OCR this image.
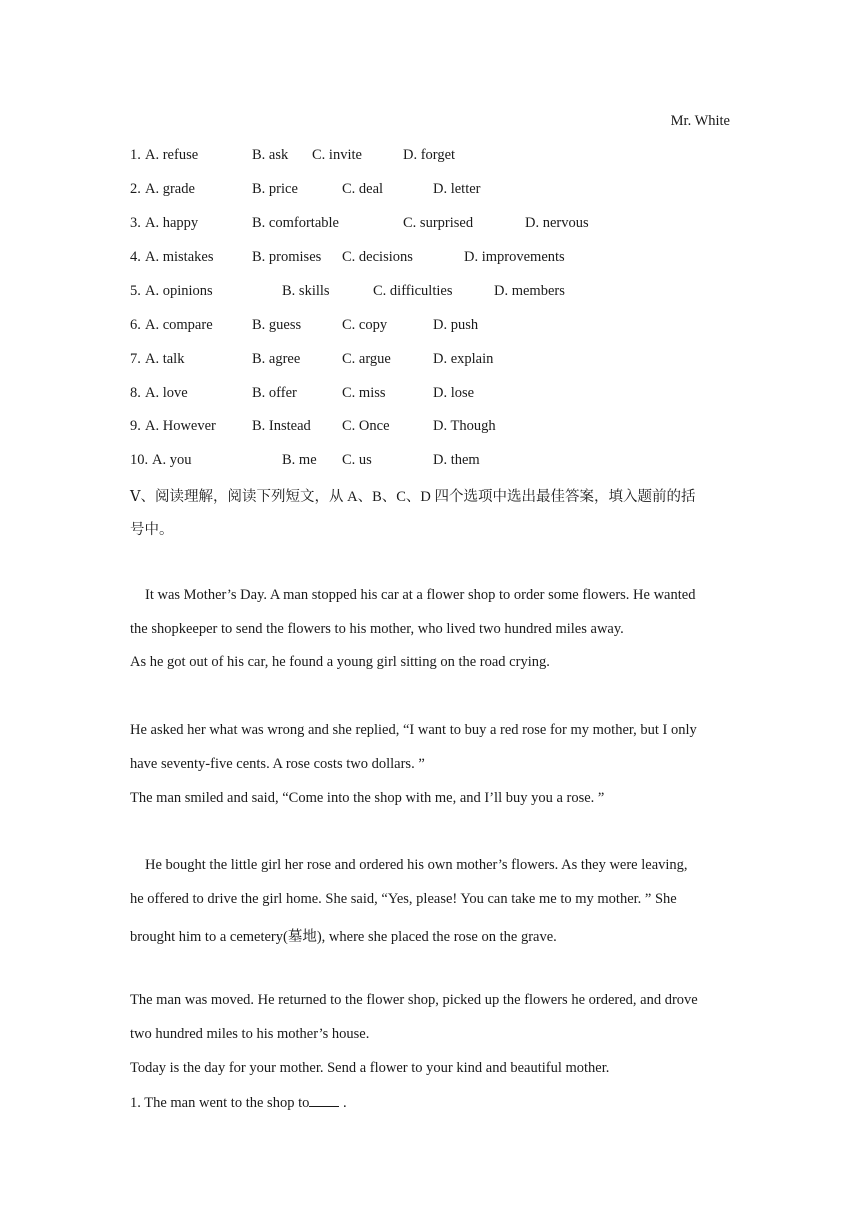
Mr. White
1. A. refuse	B. ask C. invite	D. forget
2. A. grade	B. price	C. deal	D. letter
3. A. happy	B. comfortable	C. surprised	D. nervous
4. A. mistakes	B. promises C. decisions	D. improvements
5. A. opinions	B. skills	C. difficulties	D. members
6. A. compare	B. guess	C. copy	D. push
7. A. talk	B. agree	C. argue	D. explain
8. A. love	B. offer	C. miss	D. lose
9. A. However B. Instead C. Once	D. Though
10. A. you	B. me C. us	D. them
Ⅴ、阅读理解，阅读下列短文，从 A、B、C、D 四个选项中选出最佳答案，填入题前的括
号中。
It was Mother’s Day. A man stopped his car at a flower shop to order some flowers. He wanted
the shopkeeper to send the flowers to his mother, who lived two hundred miles away.
As he got out of his car, he found a young girl sitting on the road crying.
He asked her what was wrong and she replied, “I want to buy a red rose for my mother, but I only
have seventy-five cents. A rose costs two dollars. ”
The man smiled and said, “Come into the shop with me, and I’ll buy you a rose. ”
He bought the little girl her rose and ordered his own mother’s flowers. As they were leaving,
he offered to drive the girl home. She said, “Yes, please! You can take me to my mother. ” She
brought him to a cemetery(墓地), where she placed the rose on the grave.
The man was moved. He returned to the flower shop, picked up the flowers he ordered, and drove
two hundred miles to his mother’s house.
Today is the day for your mother. Send a flower to your kind and beautiful mother.
1. The man went to the shop to .
